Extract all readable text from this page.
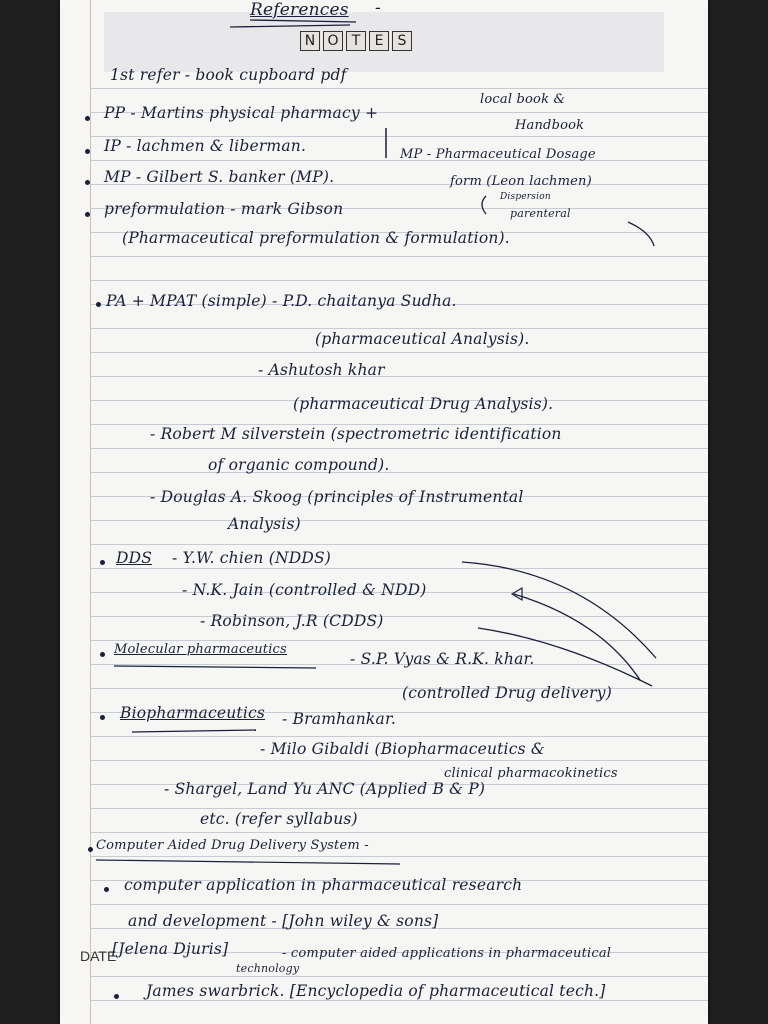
References -
N O T	E	S
1st refer - book cupboard pdf
PP - Martins physical pharmacy +
local book &
Handbook
IP - lachmen & liberman.	MP - Pharmaceutical Dosage
MP - Gilbert S. banker (MP).	form (Leon lachmen)
Dispersion
parenteral
preformulation - mark Gibson
(Pharmaceutical preformulation & formulation).
PA + MPAT (simple) - P.D. chaitanya Sudha.
(pharmaceutical Analysis).
- Ashutosh khar
(pharmaceutical Drug Analysis).
- Robert M silverstein (spectrometric identification
of organic compound).
- Douglas A. Skoog (principles of Instrumental
Analysis)
DDS - Y.W. chien (NDDS)
- N.K. Jain (controlled & NDD)
- Robinson, J.R (CDDS)
Molecular pharmaceutics
- S.P. Vyas & R.K. khar.
(controlled Drug delivery)
Biopharmaceutics - Bramhankar.
- Milo Gibaldi (Biopharmaceutics &
clinical pharmacokinetics
- Shargel, Land Yu ANC (Applied B & P)
etc. (refer syllabus)
Computer Aided Drug Delivery System -
computer application in pharmaceutical research
and development - [John wiley & sons]
DATE
[Jelena Djuris]	- computer aided applications in pharmaceutical
technology
James swarbrick. [Encyclopedia of pharmaceutical tech.]
